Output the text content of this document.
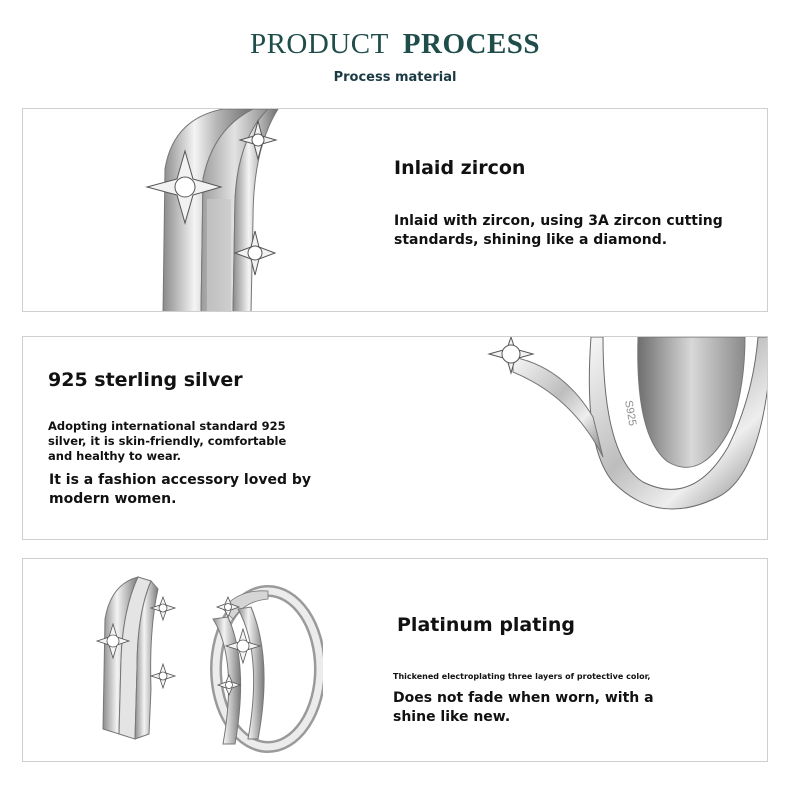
PRODUCT PROCESS
Process material
Inlaid zircon
Inlaid with zircon, using 3A zircon cutting standards, shining like a diamond.
925 sterling silver
Adopting international standard 925 silver, it is skin-friendly, comfortable and healthy to wear.
It is a fashion accessory loved by modern women.
S925
Platinum plating
Thickened electroplating three layers of protective color,
Does not fade when worn, with a shine like new.
